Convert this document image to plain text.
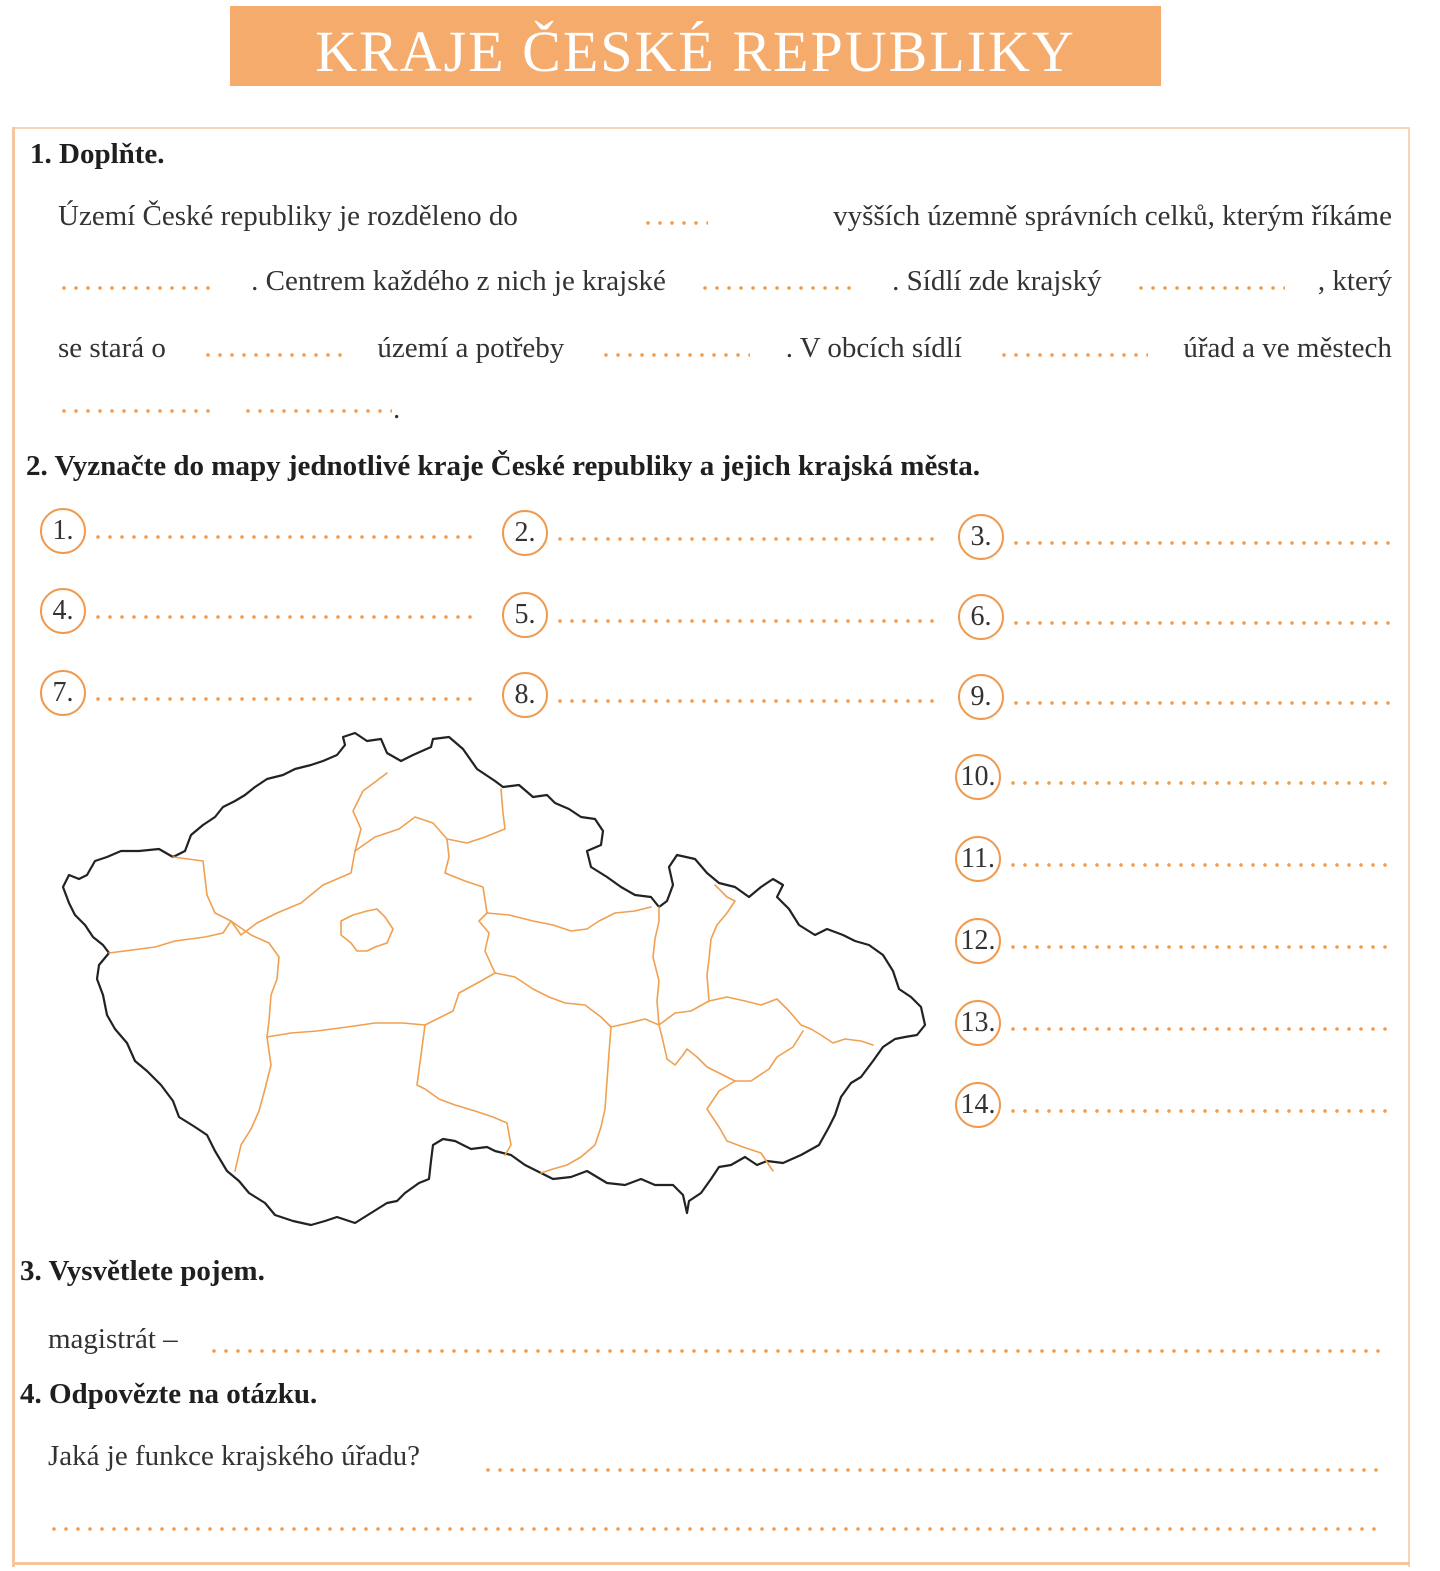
KRAJE ČESKÉ REPUBLIKY
1. Doplňte.
Území České republiky je rozděleno do	vyšších územně správních celků, kterým říkáme
. Centrem každého z nich je krajské	. Sídlí zde krajský	, který
se stará o	území a potřeby	. V obcích sídlí	úřad a ve městech
.
2. Vyznačte do mapy jednotlivé kraje České republiky a jejich krajská města.
1.	2.	3.
4.	5.	6.
7.	8.	9.
10.
11.
12.
13.
14.
3. Vysvětlete pojem.
magistrát –
4. Odpovězte na otázku.
Jaká je funkce krajského úřadu?
